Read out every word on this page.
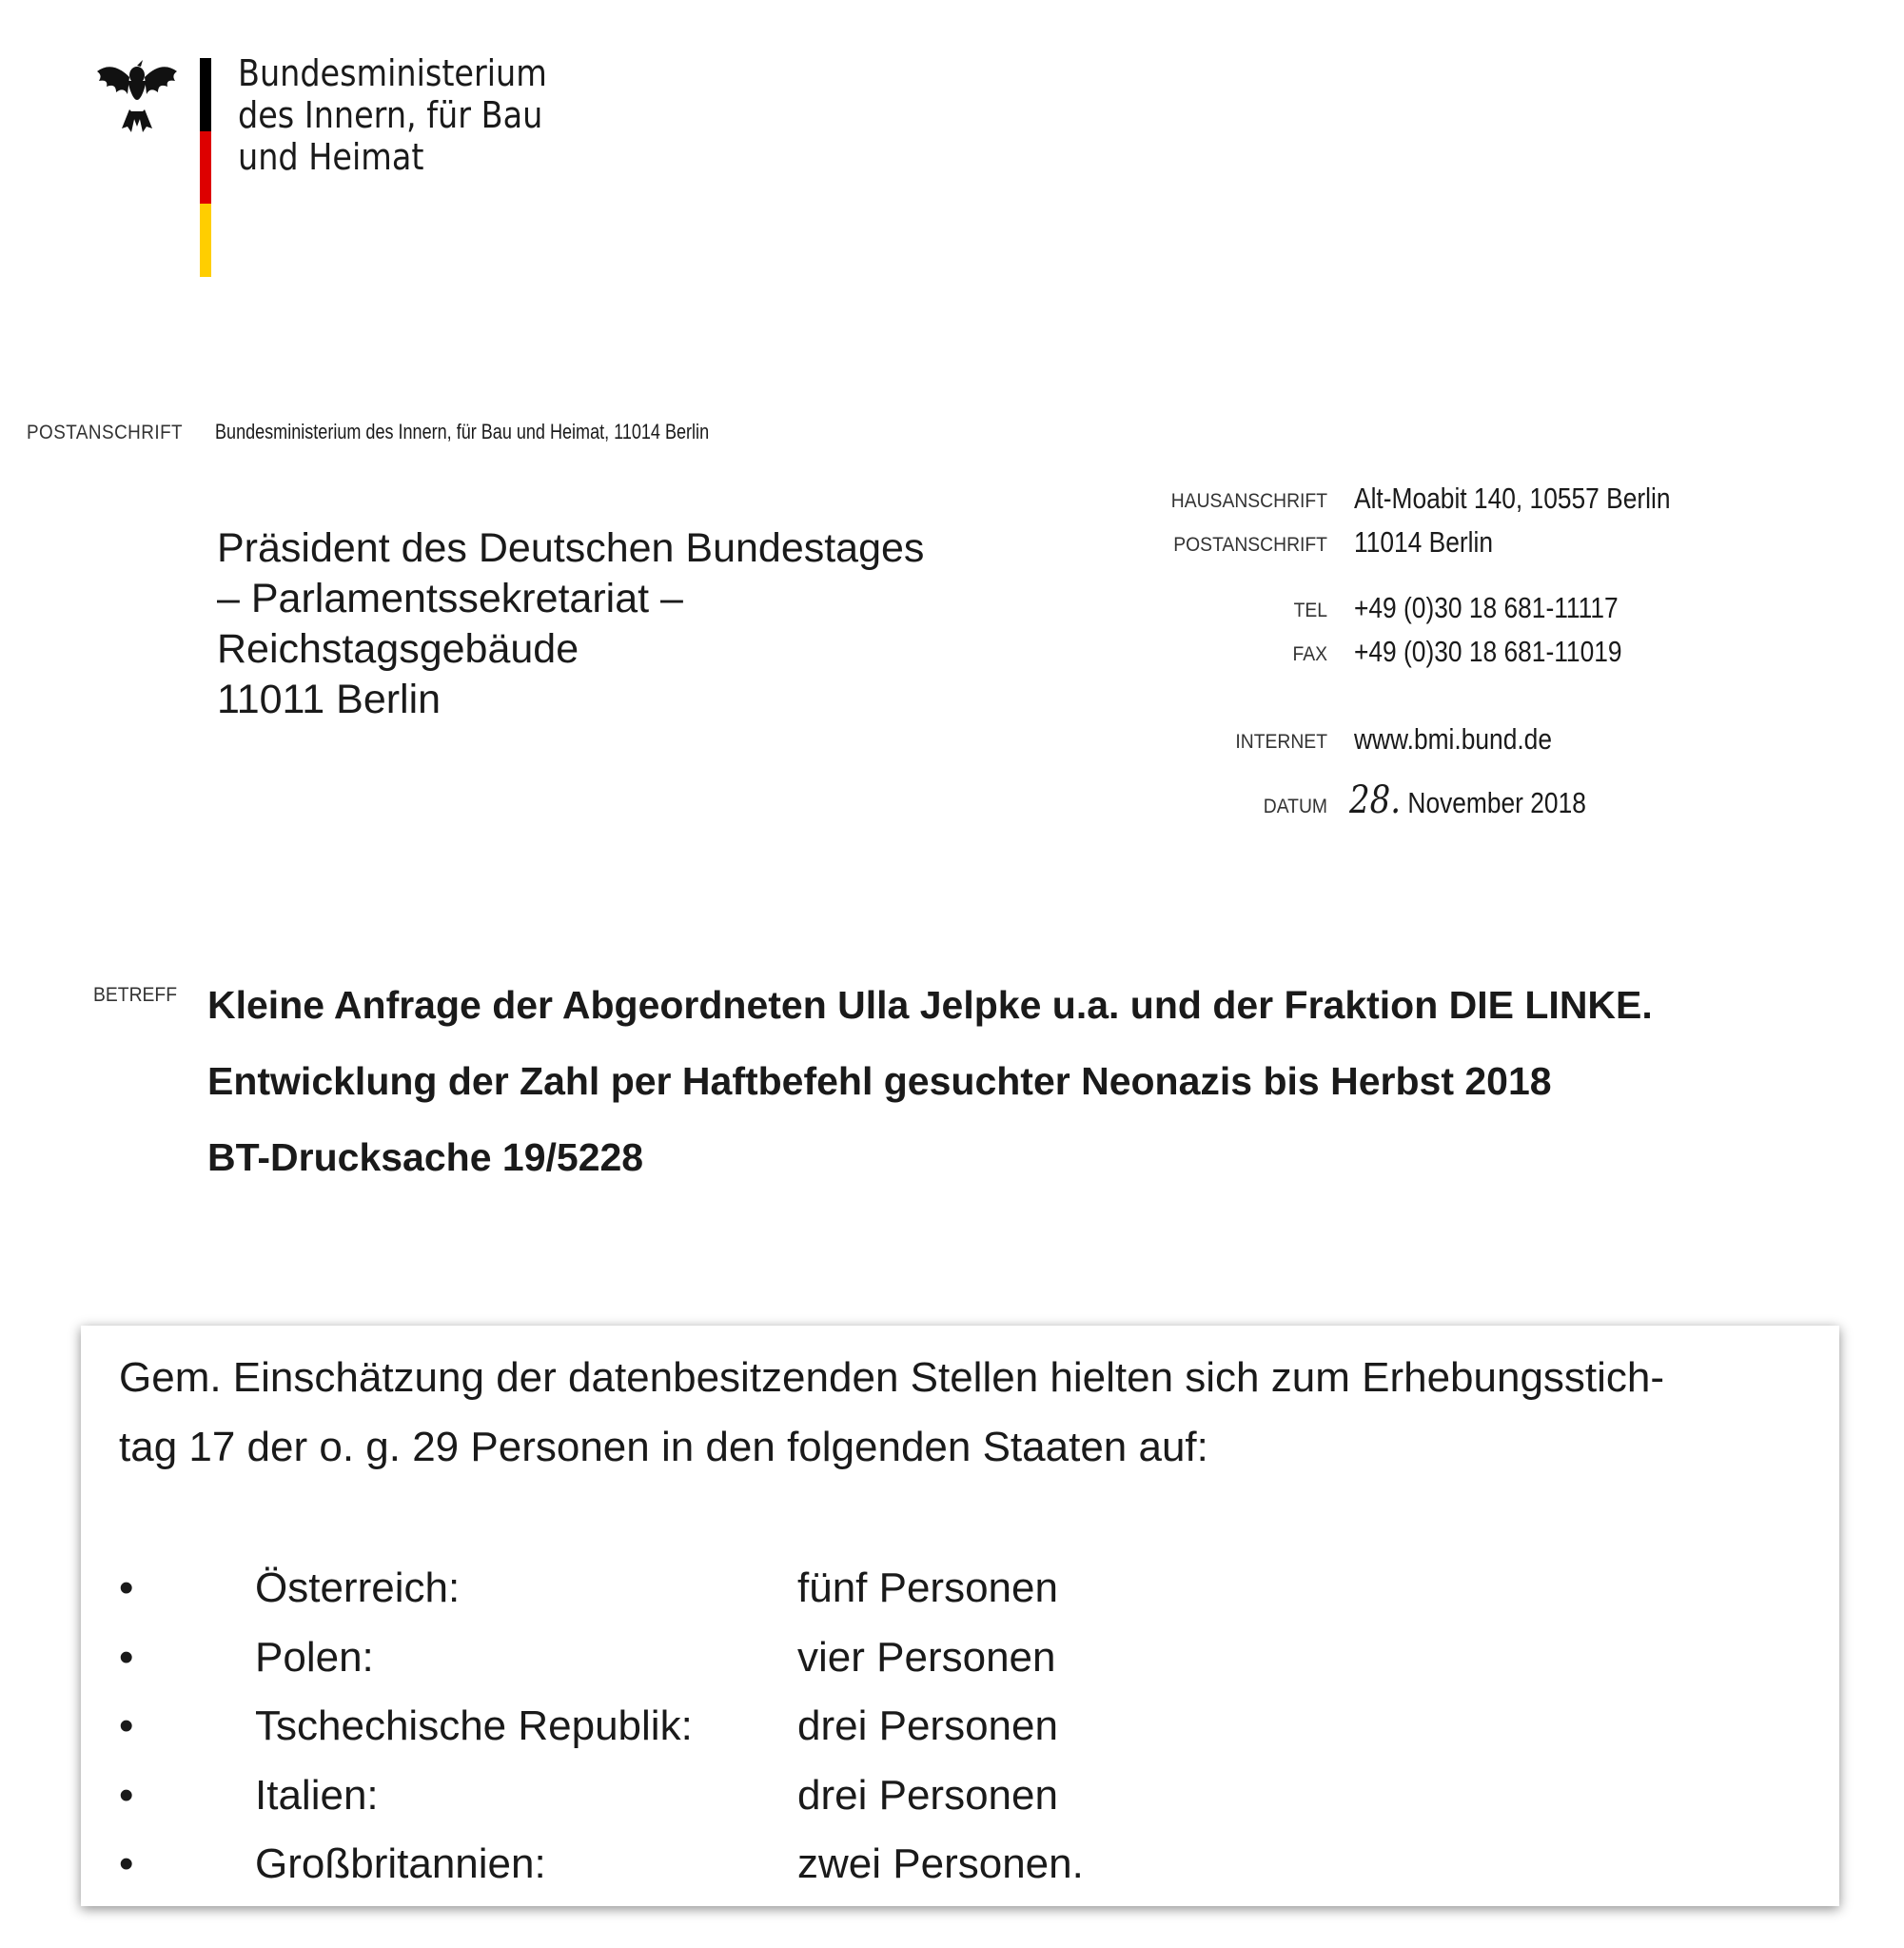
Bundesministerium
des Innern, für Bau
und Heimat
POSTANSCHRIFT Bundesministerium des Innern, für Bau und Heimat, 11014 Berlin
Präsident des Deutschen Bundestages
– Parlamentssekretariat –
Reichstagsgebäude
11011 Berlin
HAUSANSCHRIFT Alt-Moabit 140, 10557 Berlin
POSTANSCHRIFT 11014 Berlin
TEL +49 (0)30 18 681-11117
FAX +49 (0)30 18 681-11019
INTERNET www.bmi.bund.de
DATUM 28. November 2018
BETREFF Kleine Anfrage der Abgeordneten Ulla Jelpke u.a. und der Fraktion DIE LINKE.
Entwicklung der Zahl per Haftbefehl gesuchter Neonazis bis Herbst 2018
BT-Drucksache 19/5228
Gem. Einschätzung der datenbesitzenden Stellen hielten sich zum Erhebungsstich-
tag 17 der o. g. 29 Personen in den folgenden Staaten auf:
•	Österreich:	fünf Personen
•	Polen:	vier Personen
•	Tschechische Republik:	drei Personen
•	Italien:	drei Personen
•	Großbritannien:	zwei Personen.
